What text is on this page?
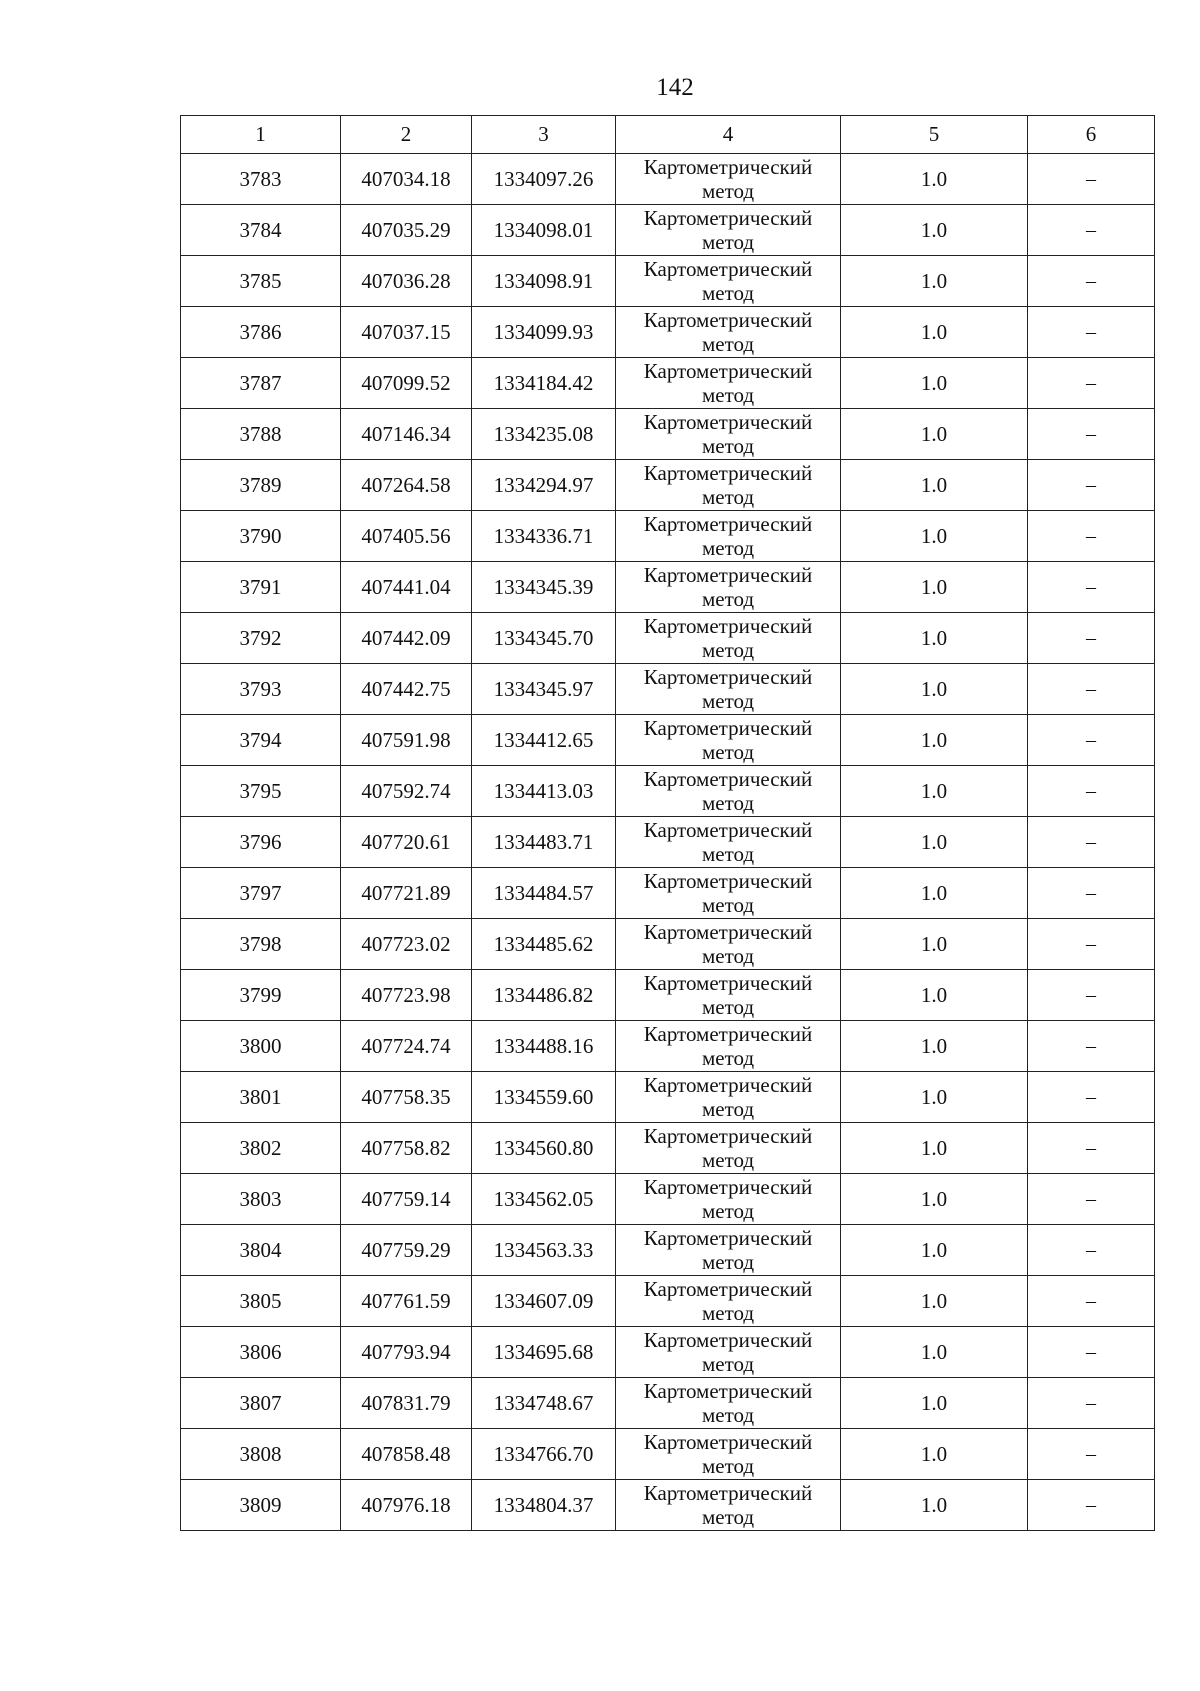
142
1	2	3	4	5	6
3783	407034.18	1334097.26	Картометрический метод	1.0	–
3784	407035.29	1334098.01	Картометрический метод	1.0	–
3785	407036.28	1334098.91	Картометрический метод	1.0	–
3786	407037.15	1334099.93	Картометрический метод	1.0	–
3787	407099.52	1334184.42	Картометрический метод	1.0	–
3788	407146.34	1334235.08	Картометрический метод	1.0	–
3789	407264.58	1334294.97	Картометрический метод	1.0	–
3790	407405.56	1334336.71	Картометрический метод	1.0	–
3791	407441.04	1334345.39	Картометрический метод	1.0	–
3792	407442.09	1334345.70	Картометрический метод	1.0	–
3793	407442.75	1334345.97	Картометрический метод	1.0	–
3794	407591.98	1334412.65	Картометрический метод	1.0	–
3795	407592.74	1334413.03	Картометрический метод	1.0	–
3796	407720.61	1334483.71	Картометрический метод	1.0	–
3797	407721.89	1334484.57	Картометрический метод	1.0	–
3798	407723.02	1334485.62	Картометрический метод	1.0	–
3799	407723.98	1334486.82	Картометрический метод	1.0	–
3800	407724.74	1334488.16	Картометрический метод	1.0	–
3801	407758.35	1334559.60	Картометрический метод	1.0	–
3802	407758.82	1334560.80	Картометрический метод	1.0	–
3803	407759.14	1334562.05	Картометрический метод	1.0	–
3804	407759.29	1334563.33	Картометрический метод	1.0	–
3805	407761.59	1334607.09	Картометрический метод	1.0	–
3806	407793.94	1334695.68	Картометрический метод	1.0	–
3807	407831.79	1334748.67	Картометрический метод	1.0	–
3808	407858.48	1334766.70	Картометрический метод	1.0	–
3809	407976.18	1334804.37	Картометрический метод	1.0	–
